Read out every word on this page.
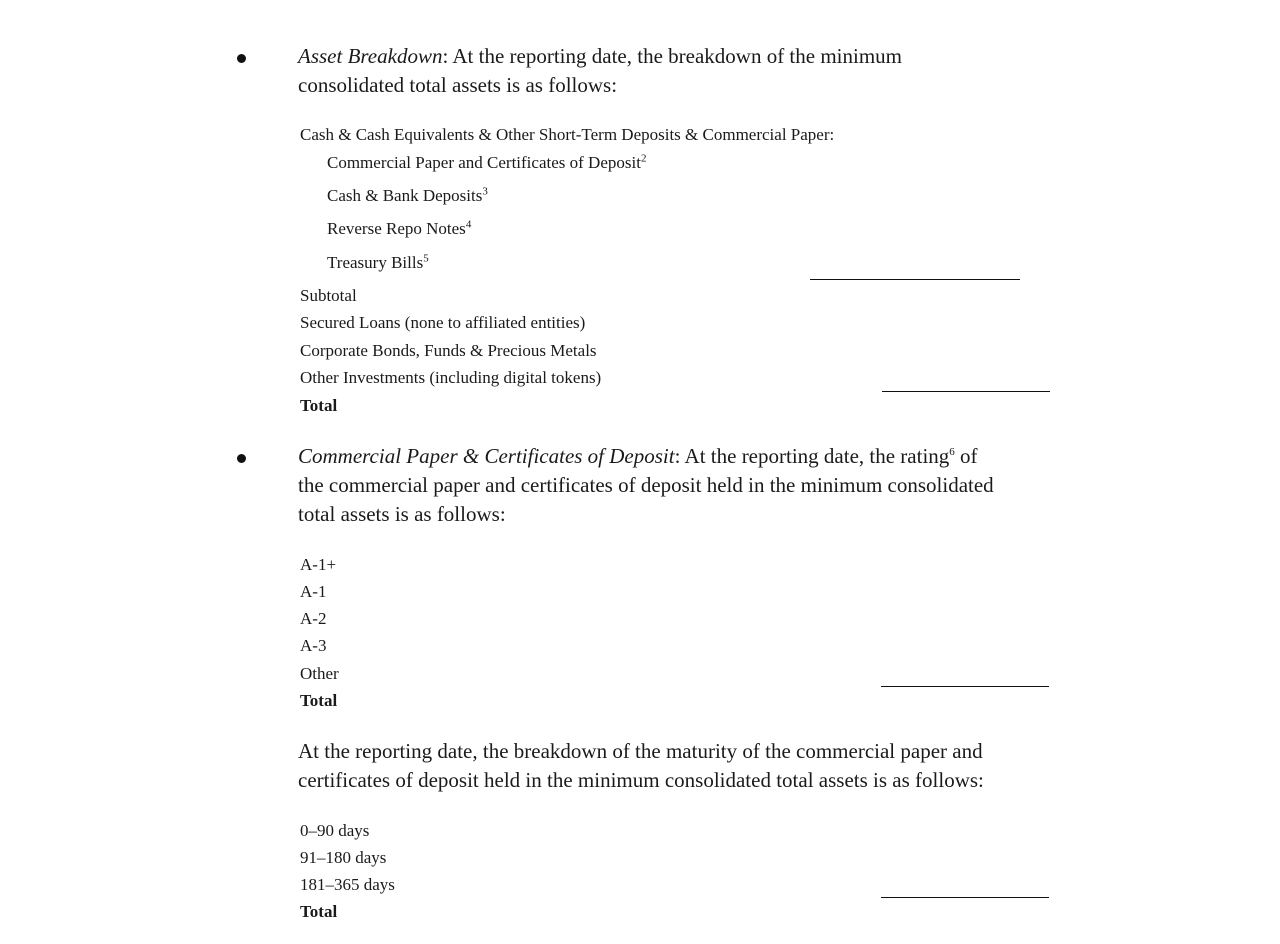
Asset Breakdown: At the reporting date, the breakdown of the minimum
consolidated total assets is as follows:
Cash & Cash Equivalents & Other Short-Term Deposits & Commercial Paper:
Commercial Paper and Certificates of Deposit$^2$
Cash & Bank Deposits$^3$
Reverse Repo Notes$^4$
Treasury Bills$^5$
Subtotal
Secured Loans (none to affiliated entities)
Corporate Bonds, Funds & Precious Metals
Other Investments (including digital tokens)
Total
Commercial Paper & Certificates of Deposit: At the reporting date, the rating$^6$ of
the commercial paper and certificates of deposit held in the minimum consolidated
total assets is as follows:
A-1+
A-1
A-2
A-3
Other
Total
At the reporting date, the breakdown of the maturity of the commercial paper and
certificates of deposit held in the minimum consolidated total assets is as follows:
0–90 days
91–180 days
181–365 days
Total
